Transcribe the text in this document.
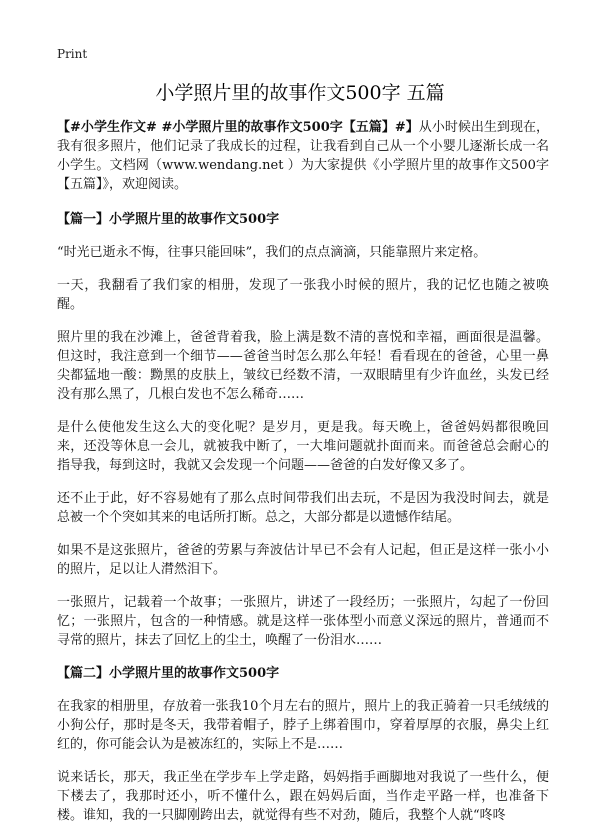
Print
小学照片里的故事作文500字 五篇

【#小学生作文# #小学照片里的故事作文500字【五篇】#】从小时候出生到现在，我有很多照片，他们记录了我成长的过程，让我看到自己从一个小婴儿逐渐长成一名小学生。文档网（www.wendang.net ）为大家提供《小学照片里的故事作文500字【五篇】》，欢迎阅读。

【篇一】小学照片里的故事作文500字

“时光已逝永不悔，往事只能回味”，我们的点点滴滴，只能靠照片来定格。

一天，我翻看了我们家的相册，发现了一张我小时候的照片，我的记忆也随之被唤醒。

照片里的我在沙滩上，爸爸背着我，脸上满是数不清的喜悦和幸福，画面很是温馨。但这时，我注意到一个细节——爸爸当时怎么那么年轻！看看现在的爸爸，心里一鼻尖都猛地一酸：黝黑的皮肤上，皱纹已经数不清，一双眼睛里有少许血丝，头发已经没有那么黑了，几根白发也不怎么稀奇……

是什么使他发生这么大的变化呢？是岁月，更是我。每天晚上，爸爸妈妈都很晚回来，还没等休息一会儿，就被我中断了，一大堆问题就扑面而来。而爸爸总会耐心的指导我，每到这时，我就又会发现一个问题——爸爸的白发好像又多了。

还不止于此，好不容易她有了那么点时间带我们出去玩，不是因为我没时间去，就是总被一个个突如其来的电话所打断。总之，大部分都是以遗憾作结尾。

如果不是这张照片，爸爸的劳累与奔波估计早已不会有人记起，但正是这样一张小小的照片，足以让人潸然泪下。

一张照片，记载着一个故事；一张照片，讲述了一段经历；一张照片，勾起了一份回忆；一张照片，包含的一种情感。就是这样一张体型小而意义深远的照片，普通而不寻常的照片，抹去了回忆上的尘土，唤醒了一份泪水……

【篇二】小学照片里的故事作文500字

在我家的相册里，存放着一张我10个月左右的照片，照片上的我正骑着一只毛绒绒的小狗公仔，那时是冬天，我带着帽子，脖子上绑着围巾，穿着厚厚的衣服，鼻尖上红红的，你可能会认为是被冻红的，实际上不是……

说来话长，那天，我正坐在学步车上学走路，妈妈指手画脚地对我说了一些什么，便下楼去了，我那时还小，听不懂什么，跟在妈妈后面，当作走平路一样，也准备下楼。谁知，我的一只脚刚跨出去，就觉得有些不对劲，随后，我整个人就“咚咚
